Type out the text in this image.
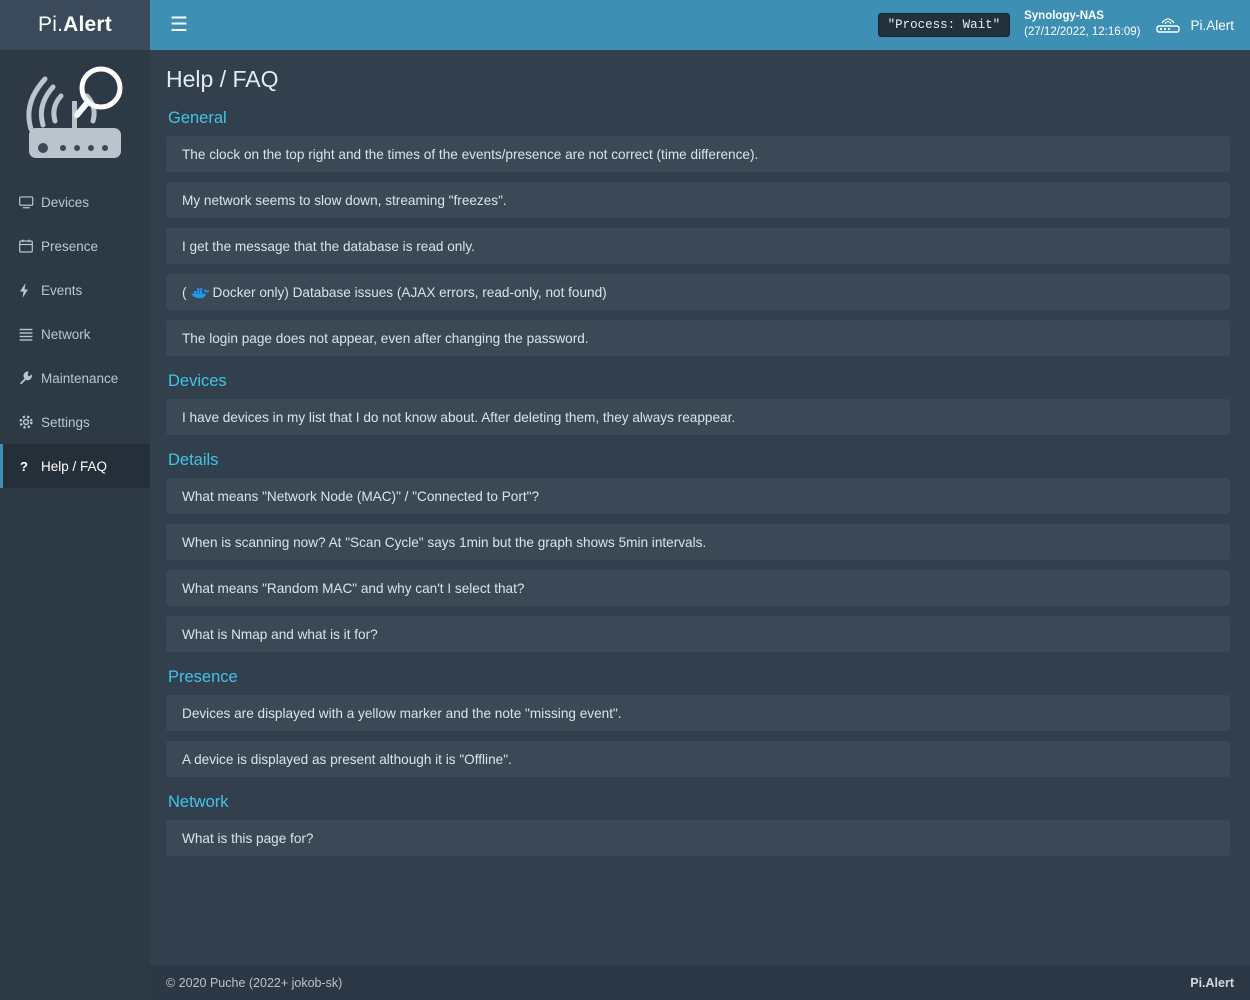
Pi. Alert	☰	"Process: Wait"
Synology-NAS
(27/12/2022, 12:16:09)	Pi.Alert
Devices
Presence
Events
Network
Maintenance
Settings
? Help / FAQ
Help / FAQ
General
The clock on the top right and the times of the events/presence are not correct (time difference).
My network seems to slow down, streaming "freezes".
I get the message that the database is read only.
( Docker only) Database issues (AJAX errors, read-only, not found)
The login page does not appear, even after changing the password.
Devices
I have devices in my list that I do not know about. After deleting them, they always reappear.
Details
What means "Network Node (MAC)" / "Connected to Port"?
When is scanning now? At "Scan Cycle" says 1min but the graph shows 5min intervals.
What means "Random MAC" and why can't I select that?
What is Nmap and what is it for?
Presence
Devices are displayed with a yellow marker and the note "missing event".
A device is displayed as present although it is "Offline".
Network
What is this page for?
© 2020 Puche (2022+ jokob-sk)	Pi.Alert
